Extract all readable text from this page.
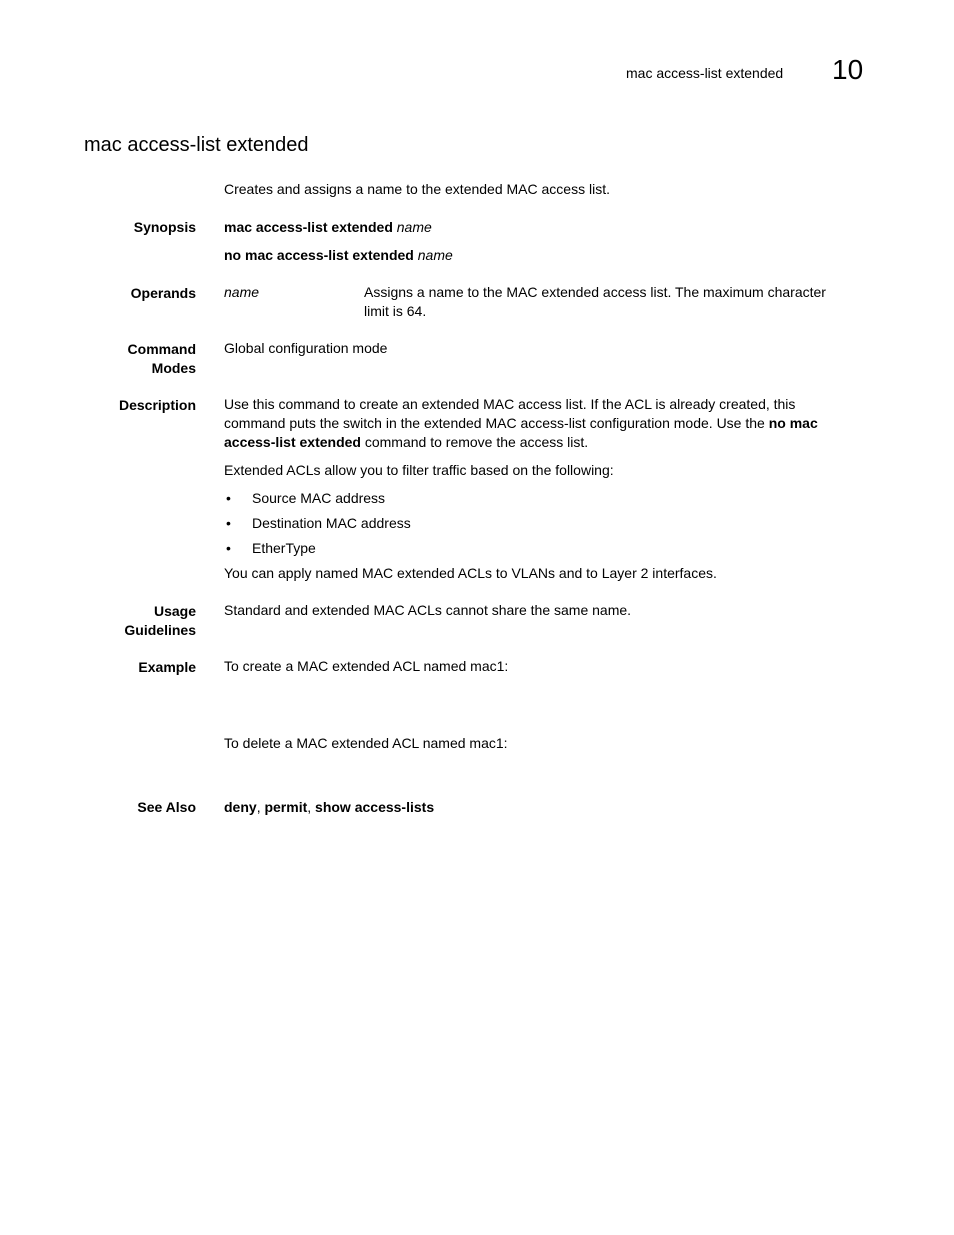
mac access-list extended 10
mac access-list extended
Creates and assigns a name to the extended MAC access list.
Synopsis mac access-list extended name
no mac access-list extended name
Operands name	Assigns a name to the MAC extended access list. The maximum character limit is 64.
Command
Modes
Global configuration mode
Description Use this command to create an extended MAC access list. If the ACL is already created, this command puts the switch in the extended MAC access-list configuration mode. Use the no mac access-list extended command to remove the access list.
Extended ACLs allow you to filter traffic based on the following:
• Source MAC address
• Destination MAC address
• EtherType
You can apply named MAC extended ACLs to VLANs and to Layer 2 interfaces.
Usage
Guidelines
Standard and extended MAC ACLs cannot share the same name.
Example To create a MAC extended ACL named mac1:
To delete a MAC extended ACL named mac1:
See Also deny, permit, show access-lists
